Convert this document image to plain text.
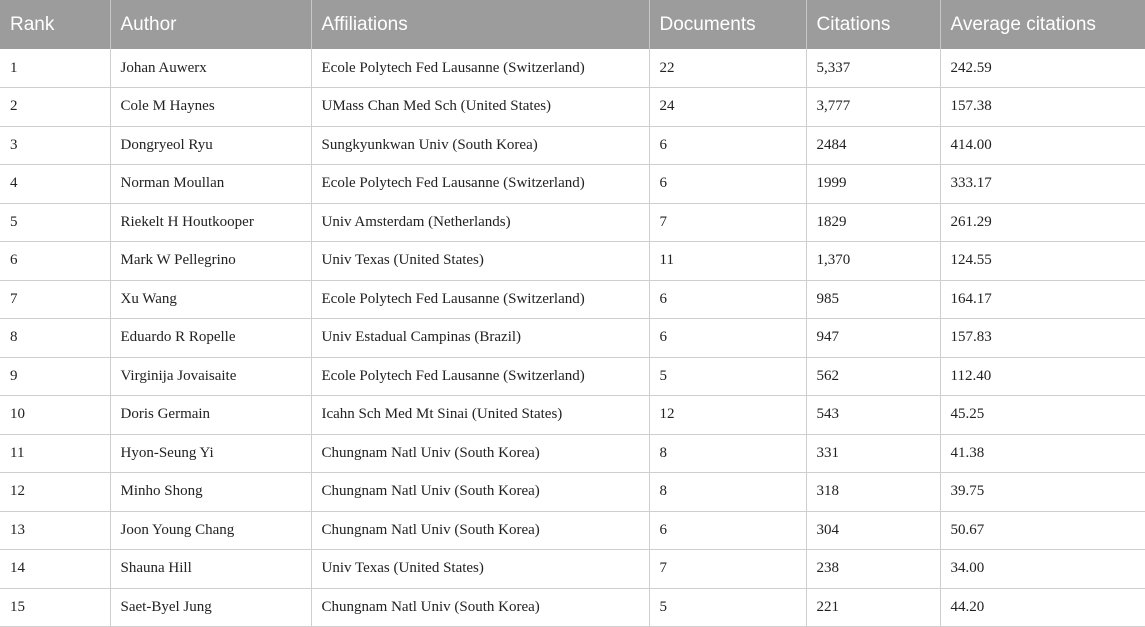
Rank	Author	Affiliations	Documents	Citations	Average citations
1	Johan Auwerx	Ecole Polytech Fed Lausanne (Switzerland)	22	5,337	242.59
2	Cole M Haynes	UMass Chan Med Sch (United States)	24	3,777	157.38
3	Dongryeol Ryu	Sungkyunkwan Univ (South Korea)	6	2484	414.00
4	Norman Moullan	Ecole Polytech Fed Lausanne (Switzerland)	6	1999	333.17
5	Riekelt H Houtkooper	Univ Amsterdam (Netherlands)	7	1829	261.29
6	Mark W Pellegrino	Univ Texas (United States)	11	1,370	124.55
7	Xu Wang	Ecole Polytech Fed Lausanne (Switzerland)	6	985	164.17
8	Eduardo R Ropelle	Univ Estadual Campinas (Brazil)	6	947	157.83
9	Virginija Jovaisaite	Ecole Polytech Fed Lausanne (Switzerland)	5	562	112.40
10	Doris Germain	Icahn Sch Med Mt Sinai (United States)	12	543	45.25
11	Hyon-Seung Yi	Chungnam Natl Univ (South Korea)	8	331	41.38
12	Minho Shong	Chungnam Natl Univ (South Korea)	8	318	39.75
13	Joon Young Chang	Chungnam Natl Univ (South Korea)	6	304	50.67
14	Shauna Hill	Univ Texas (United States)	7	238	34.00
15	Saet-Byel Jung	Chungnam Natl Univ (South Korea)	5	221	44.20
